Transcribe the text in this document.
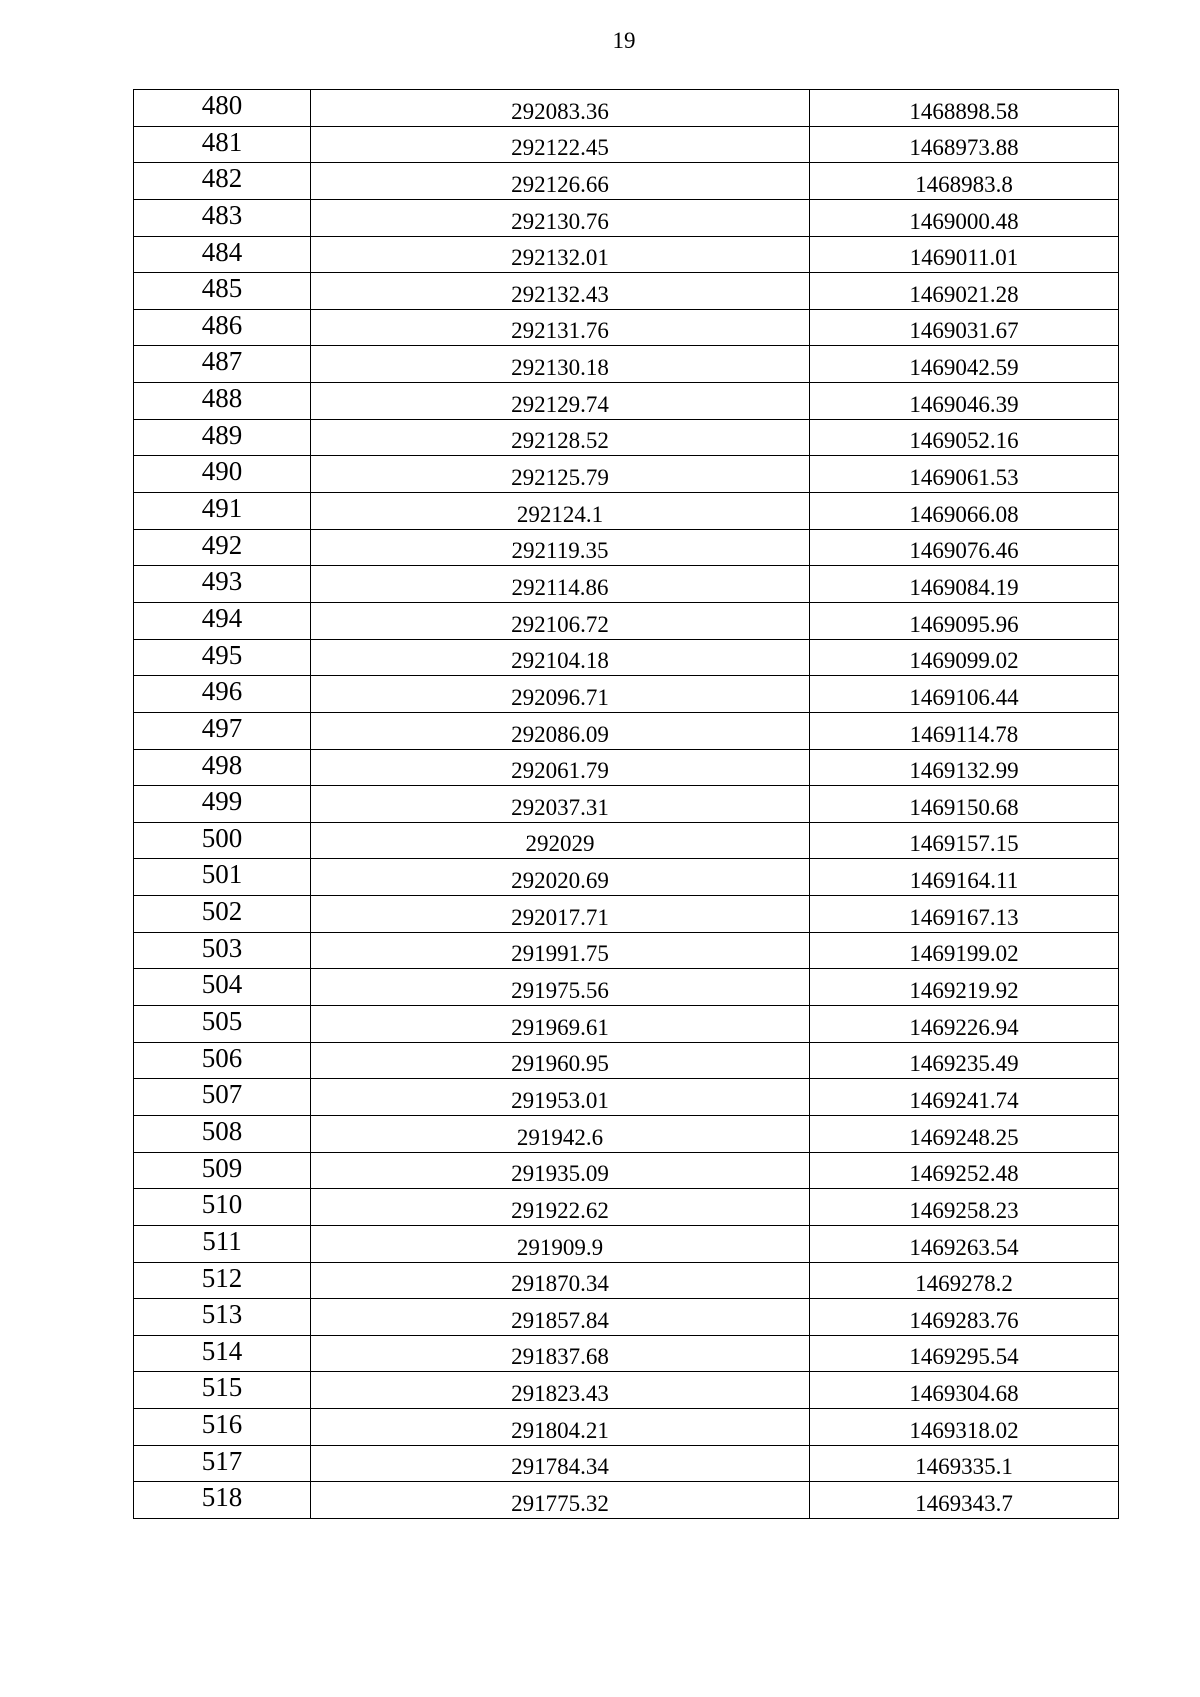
19
480	292083.36	1468898.58
481	292122.45	1468973.88
482	292126.66	1468983.8
483	292130.76	1469000.48
484	292132.01	1469011.01
485	292132.43	1469021.28
486	292131.76	1469031.67
487	292130.18	1469042.59
488	292129.74	1469046.39
489	292128.52	1469052.16
490	292125.79	1469061.53
491	292124.1	1469066.08
492	292119.35	1469076.46
493	292114.86	1469084.19
494	292106.72	1469095.96
495	292104.18	1469099.02
496	292096.71	1469106.44
497	292086.09	1469114.78
498	292061.79	1469132.99
499	292037.31	1469150.68
500	292029	1469157.15
501	292020.69	1469164.11
502	292017.71	1469167.13
503	291991.75	1469199.02
504	291975.56	1469219.92
505	291969.61	1469226.94
506	291960.95	1469235.49
507	291953.01	1469241.74
508	291942.6	1469248.25
509	291935.09	1469252.48
510	291922.62	1469258.23
511	291909.9	1469263.54
512	291870.34	1469278.2
513	291857.84	1469283.76
514	291837.68	1469295.54
515	291823.43	1469304.68
516	291804.21	1469318.02
517	291784.34	1469335.1
518	291775.32	1469343.7
